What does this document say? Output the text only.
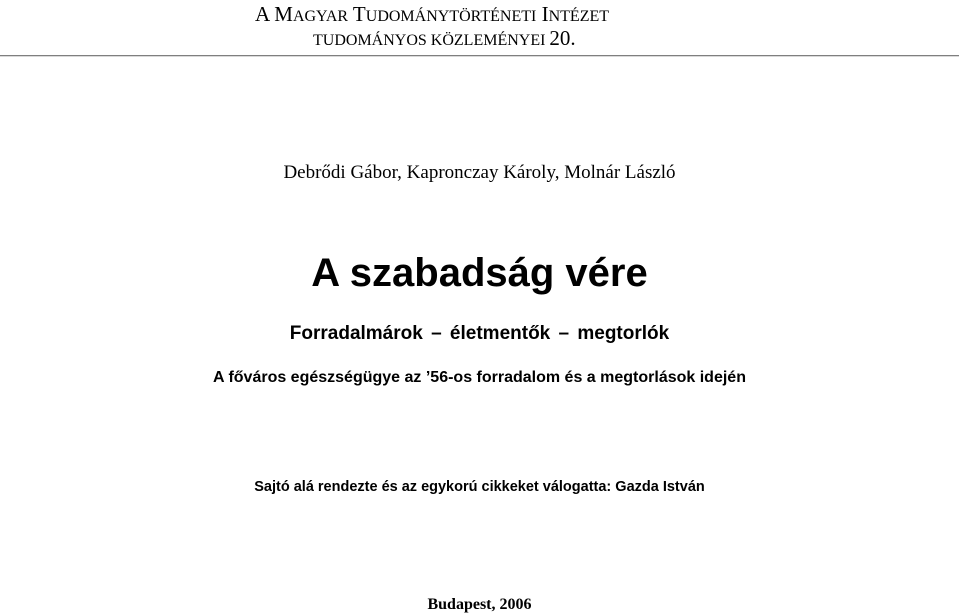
A MAGYAR TUDOMÁNYTÖRTÉNETI INTÉZET
TUDOMÁNYOS KÖZLEMÉNYEI 20.
Debrődi Gábor, Kapronczay Károly, Molnár László
A szabadság vére
Forradalmárok – életmentők – megtorlók
A főváros egészségügye az ’56-os forradalom és a megtorlások idején
Sajtó alá rendezte és az egykorú cikkeket válogatta: Gazda István
Budapest, 2006
